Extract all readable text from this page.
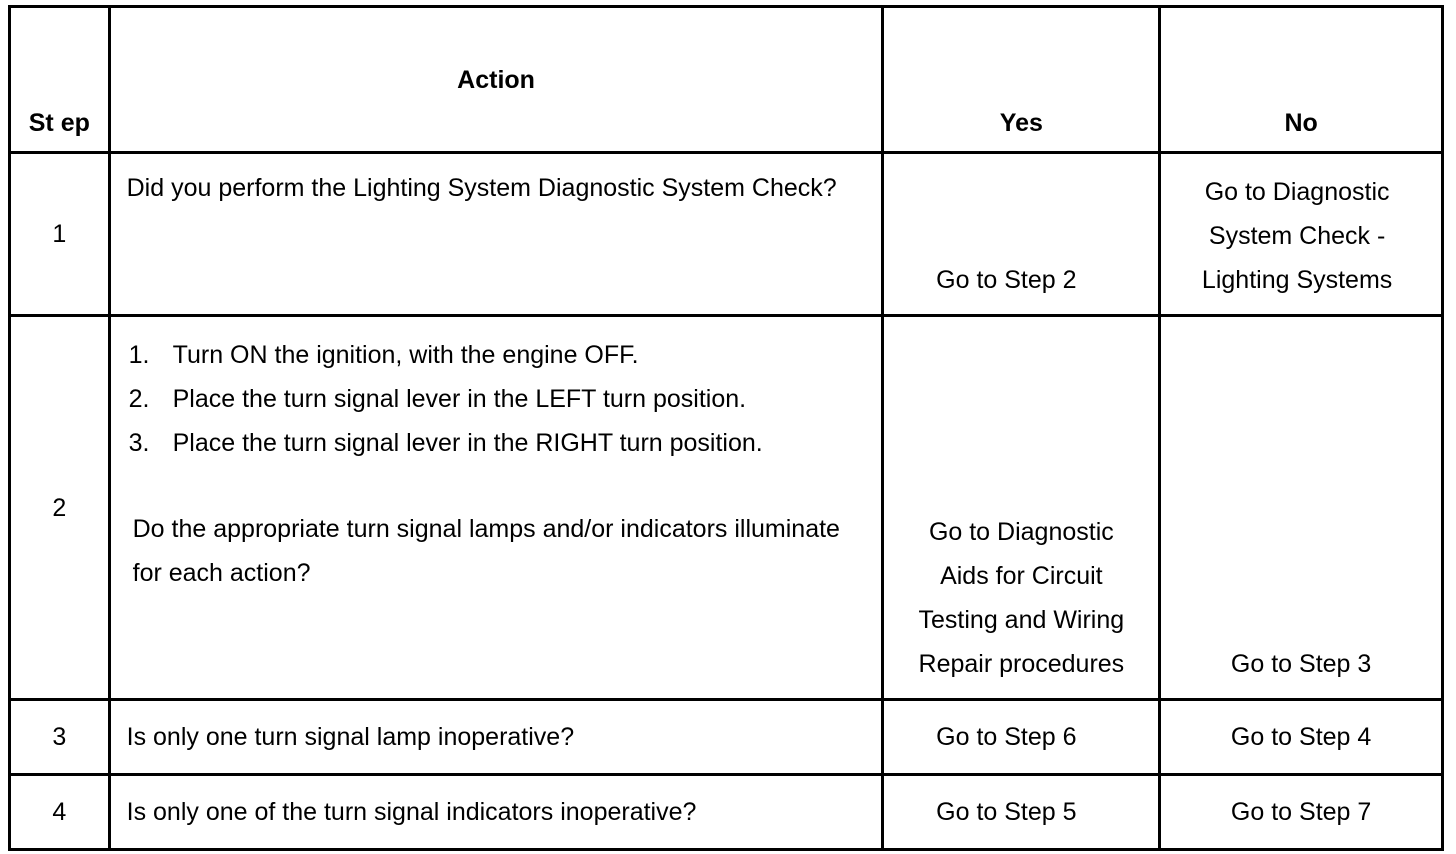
St ep	Action	Yes	No
1	Did you perform the Lighting System Diagnostic System Check?	Go to Step 2	Go to Diagnostic System Check - Lighting Systems
2	1. Turn ON the ignition, with the engine OFF.
2. Place the turn signal lever in the LEFT turn position.
3. Place the turn signal lever in the RIGHT turn position.
Do the appropriate turn signal lamps and/or indicators illuminate for each action?	Go to Diagnostic Aids for Circuit Testing and Wiring Repair procedures	Go to Step 3
3	Is only one turn signal lamp inoperative?	Go to Step 6	Go to Step 4
4	Is only one of the turn signal indicators inoperative?	Go to Step 5	Go to Step 7
